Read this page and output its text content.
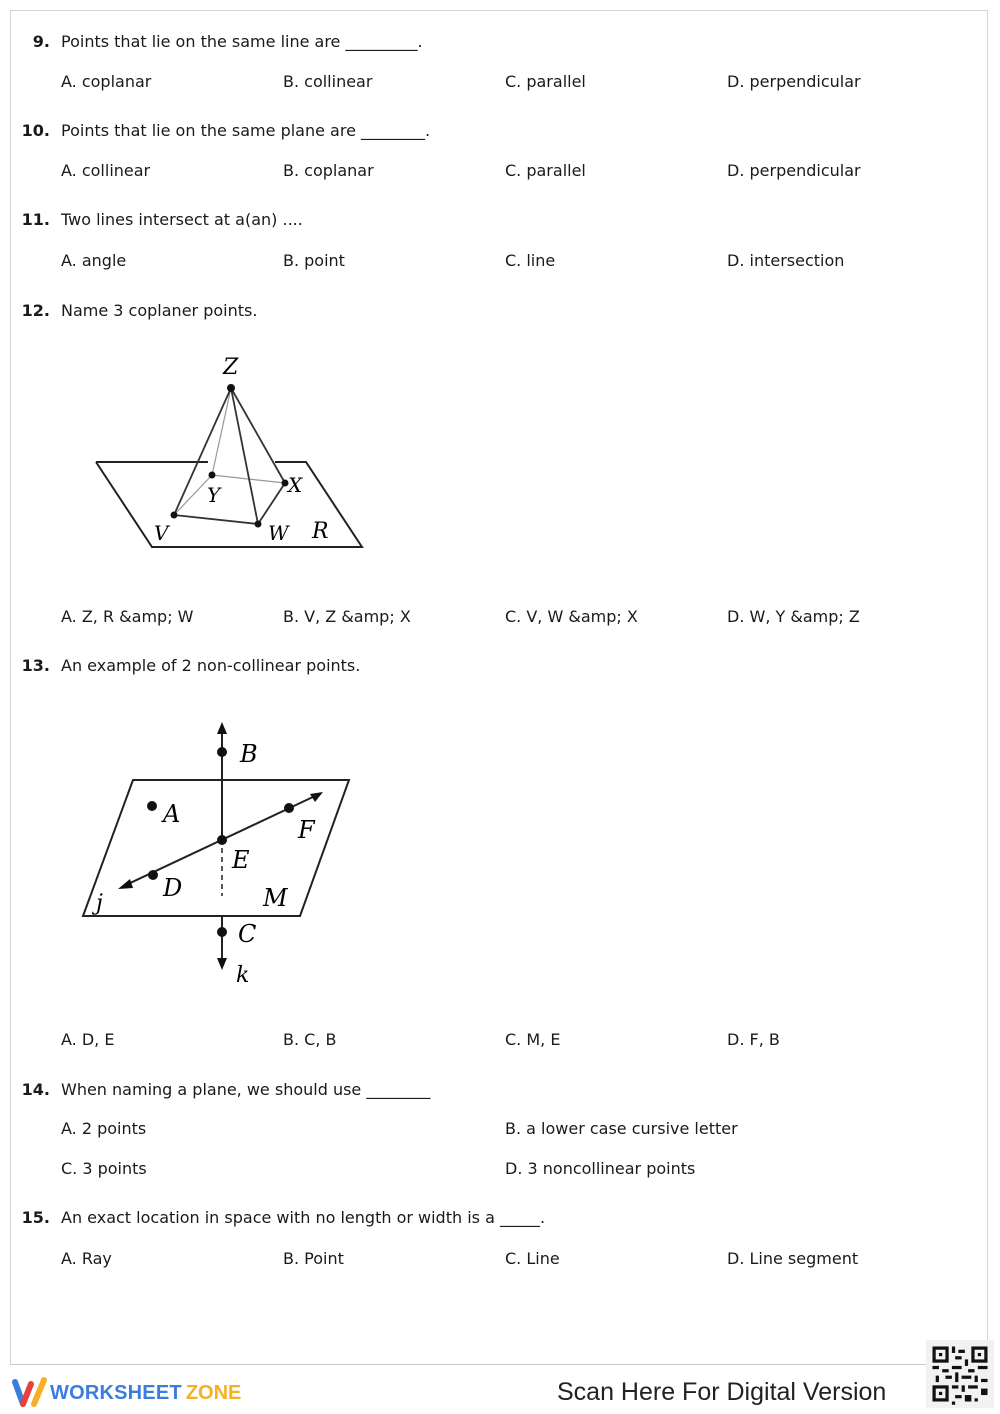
9. Points that lie on the same line are _________.
A. coplanar	B. collinear	C. parallel	D. perpendicular
10. Points that lie on the same plane are ________.
A. collinear	B. coplanar	C. parallel	D. perpendicular
11. Two lines intersect at a(an) ....
A. angle	B. point	C. line	D. intersection
12. Name 3 coplaner points.
Z
Y	X
V	W R
A. Z, R &amp; W	B. V, Z &amp; X	C. V, W &amp; X	D. W, Y &amp; Z
13. An example of 2 non-collinear points.
B
A
F
E
D
j	M
C
k
A. D, E	B. C, B	C. M, E	D. F, B
14. When naming a plane, we should use ________
A. 2 points	B. a lower case cursive letter
C. 3 points	D. 3 noncollinear points
15. An exact location in space with no length or width is a _____.
A. Ray	B. Point	C. Line	D. Line segment
WORKSHEET ZONE	Scan Here For Digital Version
